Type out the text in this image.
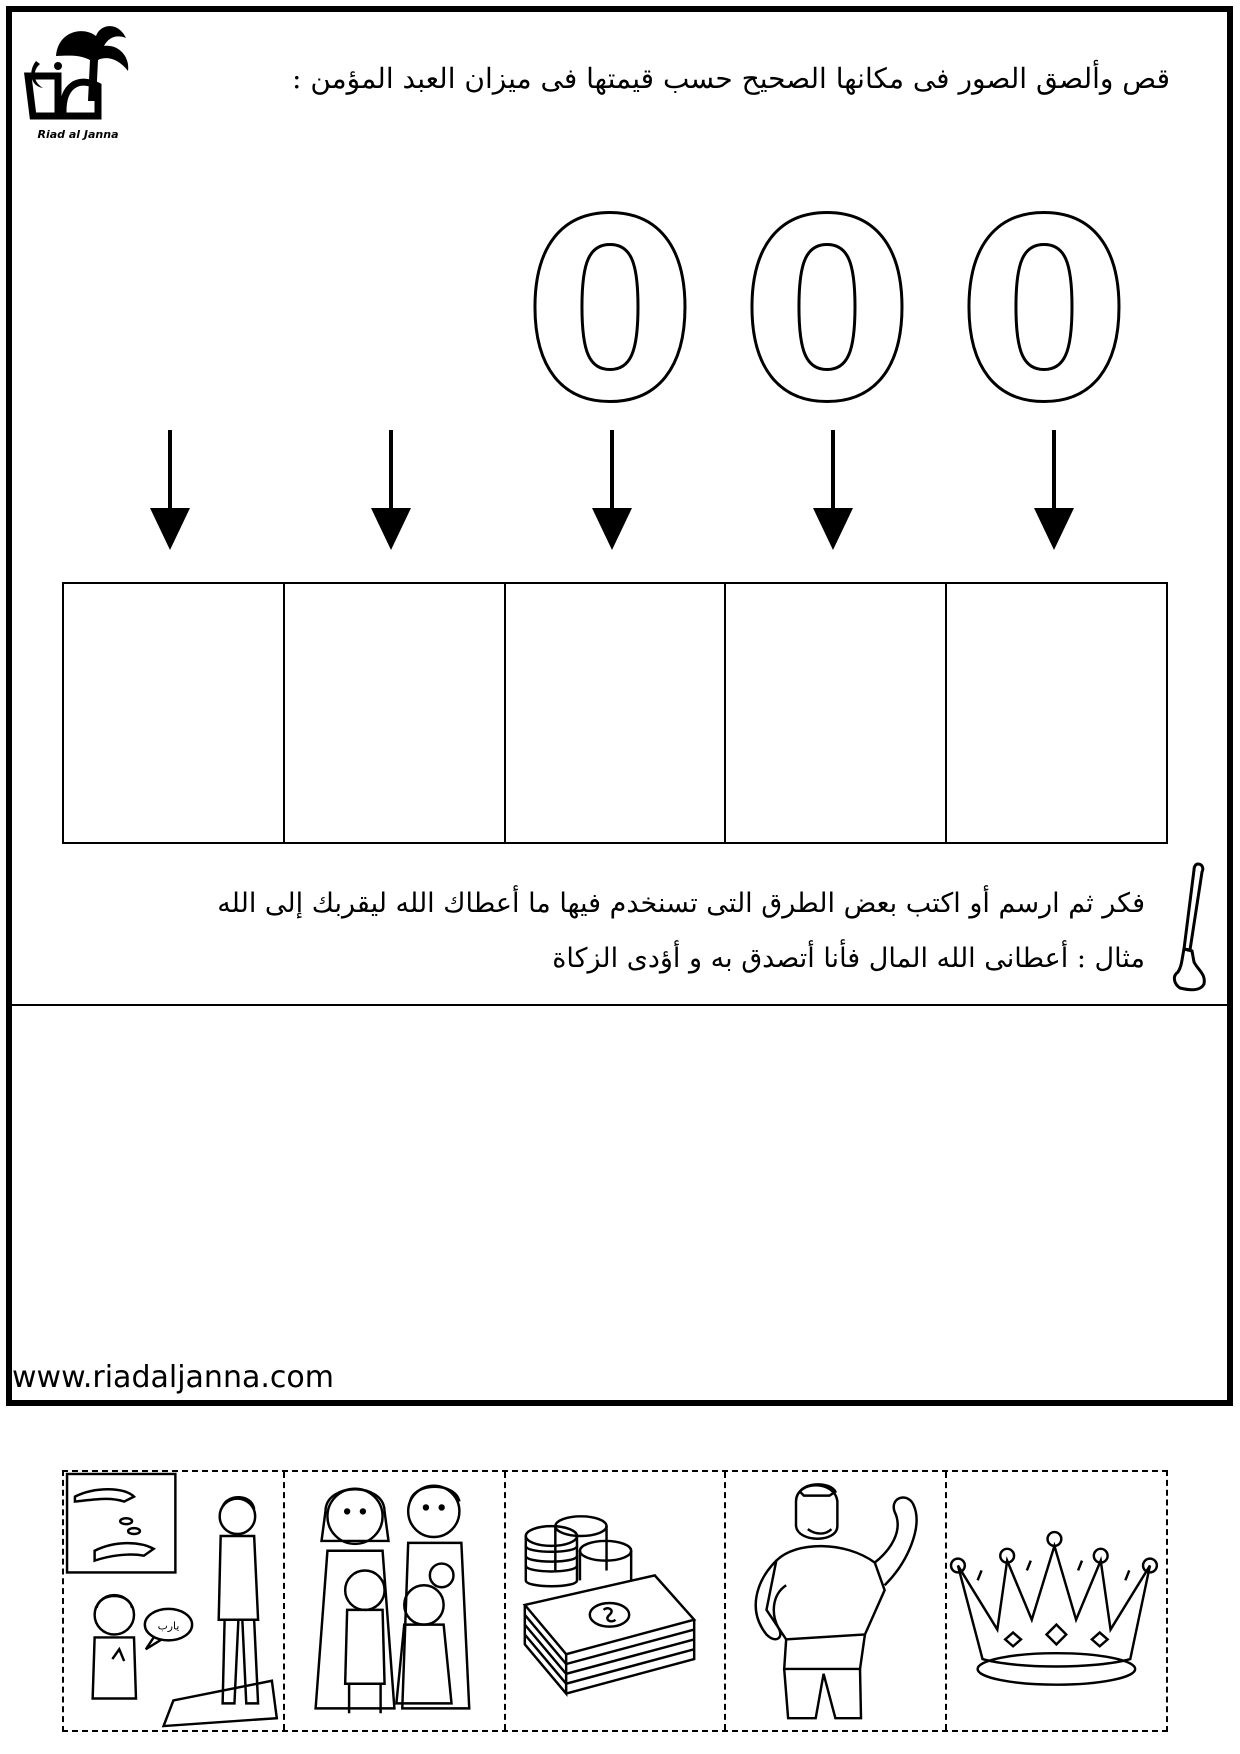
Riad al Janna
قص وألصق الصور فى مكانها الصحيح حسب قيمتها فى ميزان العبد المؤمن :
0 0 0
فكر ثم ارسم أو اكتب بعض الطرق التى تسنخدم فيها ما أعطاك الله ليقربك إلى الله
مثال : أعطانى الله المال فأنا أتصدق به و أؤدى الزكاة
www.riadaljanna.com
يارب
